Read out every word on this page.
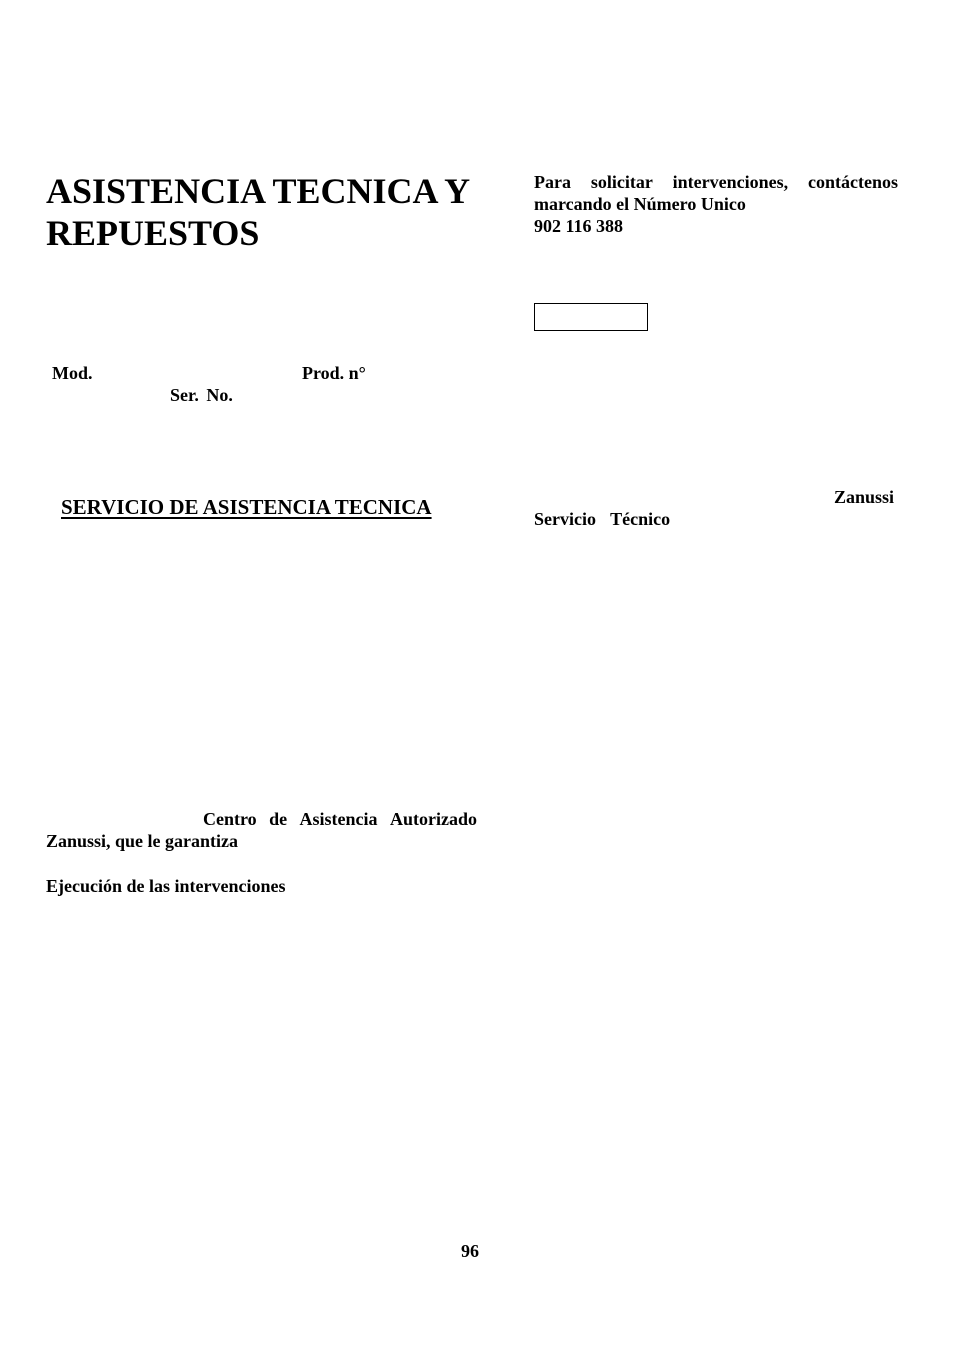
ASISTENCIA TECNICA Y
REPUESTOS
Para solicitar intervenciones, contáctenos
marcando el Número Unico
902 116 388
Mod.	Prod. n°
Ser. No.
SERVICIO DE ASISTENCIA TECNICA	Zanussi
Servicio Técnico
Centro de Asistencia Autorizado
Zanussi, que le garantiza
Ejecución de las intervenciones
96
